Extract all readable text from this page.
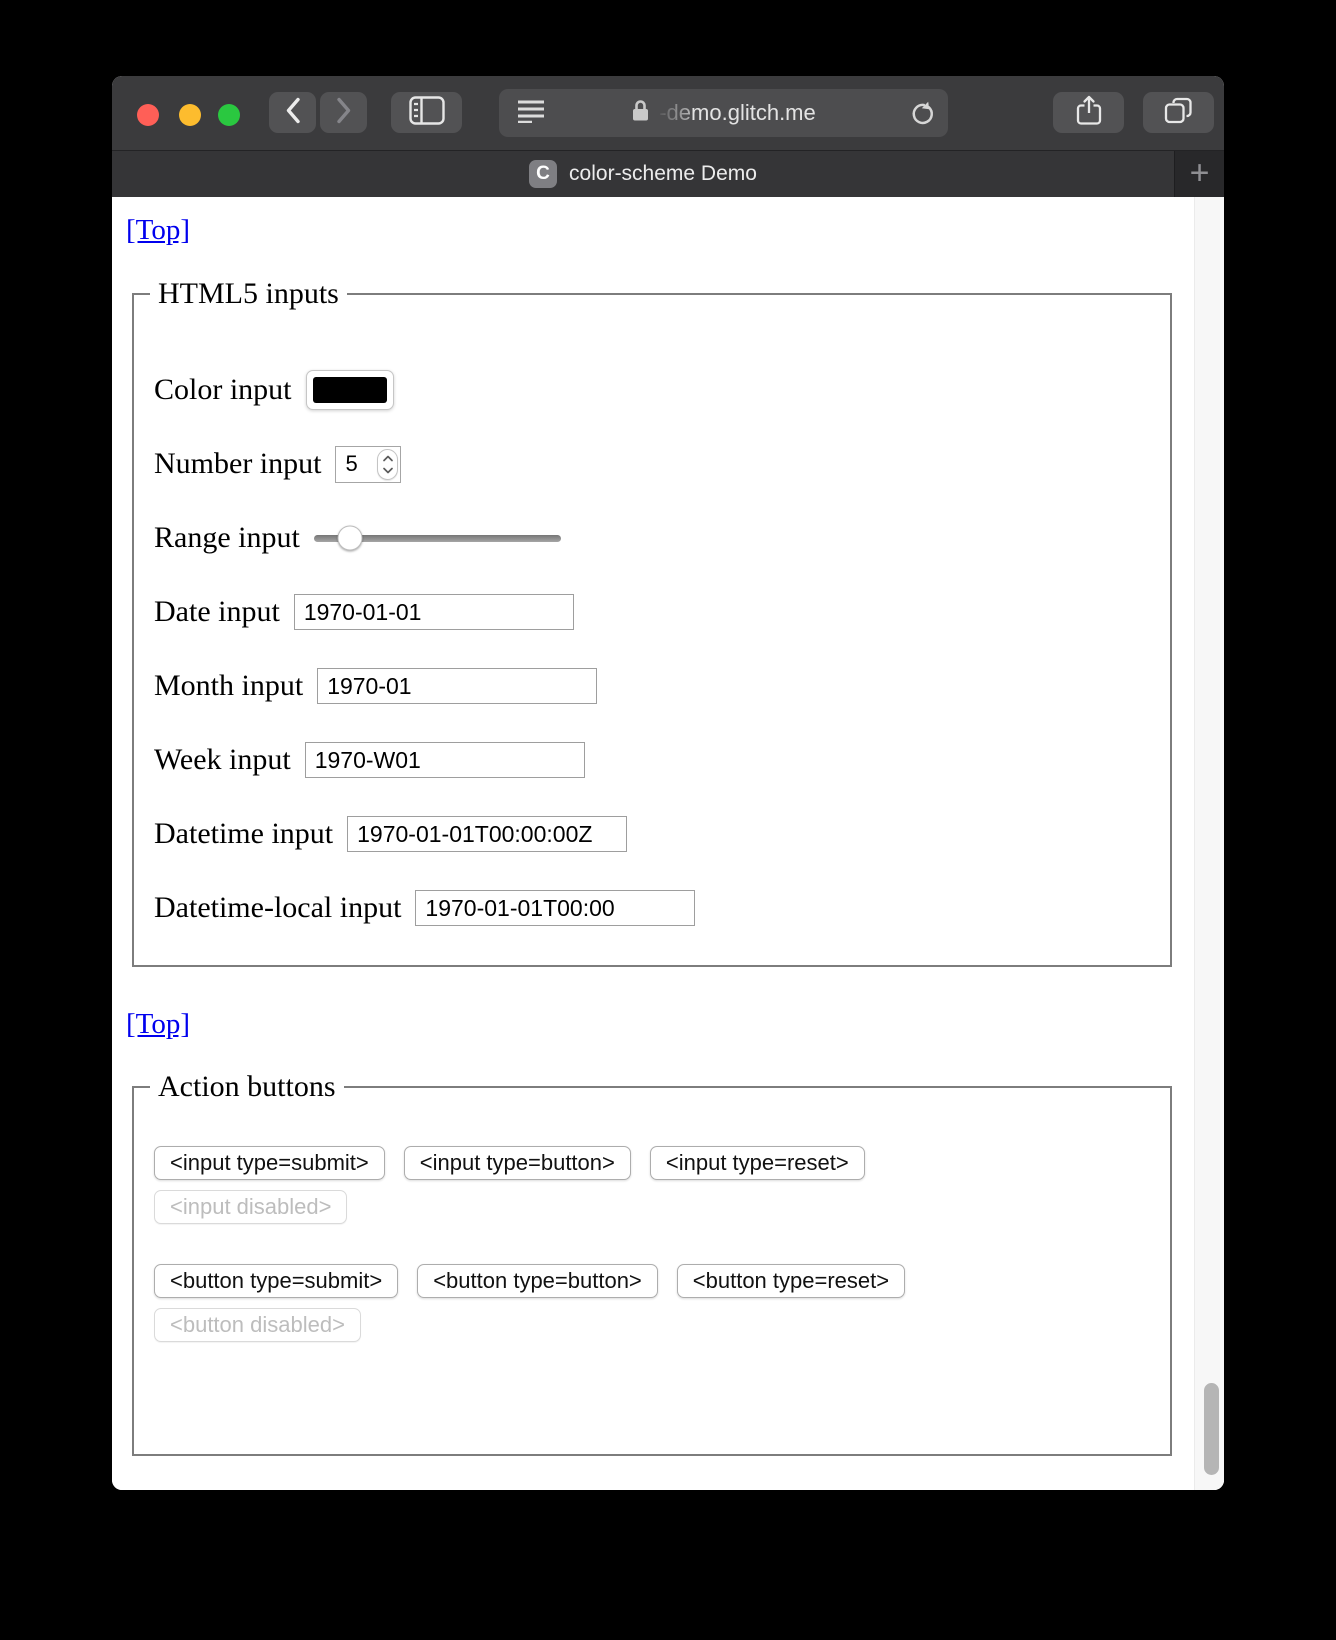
-demo.glitch.me
C color-scheme Demo	+
[Top]
HTML5 inputs
Color input
Number input 5
Range input
Date input 1970-01-01
Month input 1970-01
Week input 1970-W01
Datetime input 1970-01-01T00:00:00Z
Datetime-local input 1970-01-01T00:00
[Top]
Action buttons
<input type=submit>	<input type=button>	<input type=reset>
<input disabled>
<button type=submit>	<button type=button>	<button type=reset>
<button disabled>
